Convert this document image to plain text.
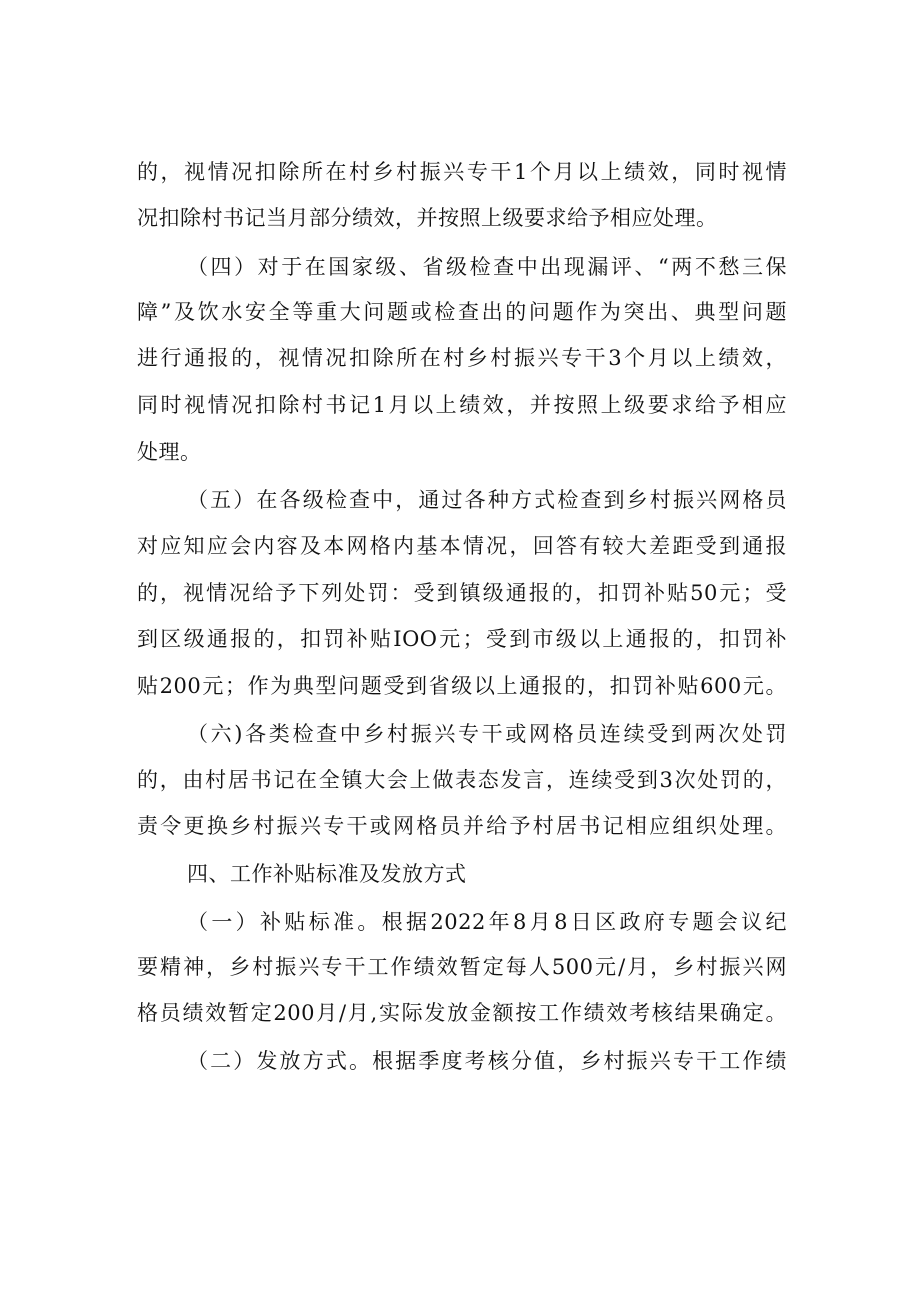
的，视情况扣除所在村乡村振兴专干1个月以上绩效，同时视情
况扣除村书记当月部分绩效，并按照上级要求给予相应处理。
（四）对于在国家级、省级检查中出现漏评、“两不愁三保
障”及饮水安全等重大问题或检查出的问题作为突出、典型问题
进行通报的，视情况扣除所在村乡村振兴专干3个月以上绩效，
同时视情况扣除村书记1月以上绩效，并按照上级要求给予相应
处理。
（五）在各级检查中，通过各种方式检查到乡村振兴网格员
对应知应会内容及本网格内基本情况，回答有较大差距受到通报
的，视情况给予下列处罚：受到镇级通报的，扣罚补贴50元；受
到区级通报的，扣罚补贴IOO元；受到市级以上通报的，扣罚补
贴200元；作为典型问题受到省级以上通报的，扣罚补贴600元。
（六)各类检查中乡村振兴专干或网格员连续受到两次处罚
的，由村居书记在全镇大会上做表态发言，连续受到3次处罚的，
责令更换乡村振兴专干或网格员并给予村居书记相应组织处理。
四、工作补贴标准及发放方式
（一）补贴标准。根据2022年8月8日区政府专题会议纪
要精神，乡村振兴专干工作绩效暂定每人500元/月，乡村振兴网
格员绩效暂定200月/月,实际发放金额按工作绩效考核结果确定。
（二）发放方式。根据季度考核分值，乡村振兴专干工作绩
